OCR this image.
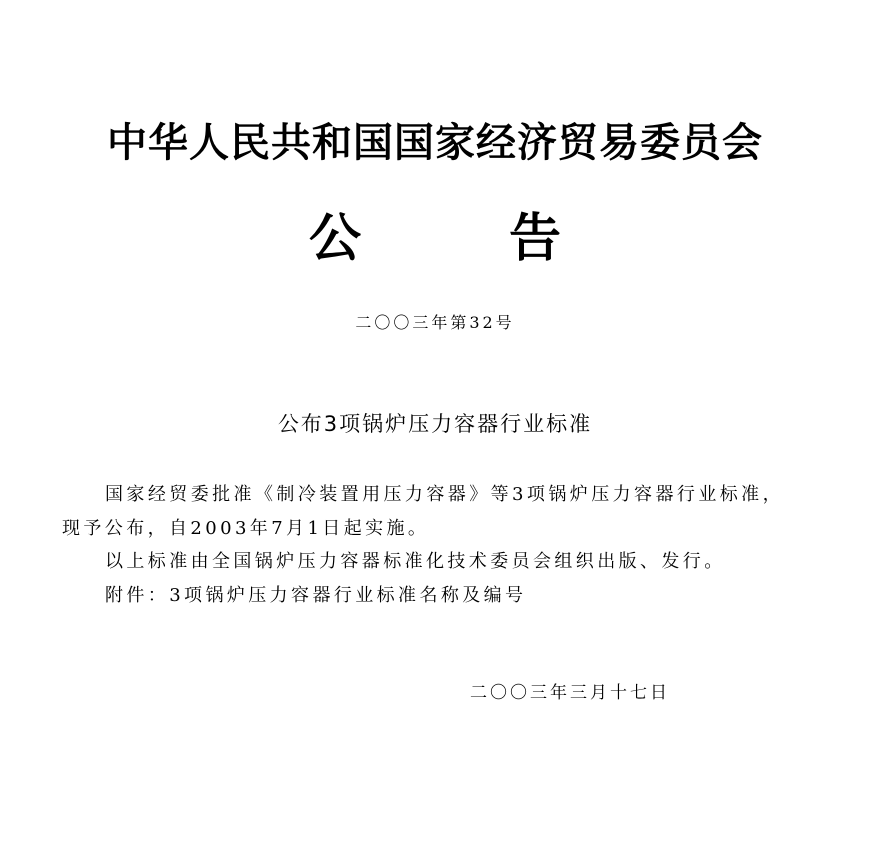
中华人民共和国国家经济贸易委员会
公告
二〇〇三年第32号
公布3项锅炉压力容器行业标准

国家经贸委批准《制冷装置用压力容器》等3项锅炉压力容器行业标准，现予公布，自2003年7月1日起实施。

以上标准由全国锅炉压力容器标准化技术委员会组织出版、发行。

附件：3项锅炉压力容器行业标准名称及编号

二〇〇三年三月十七日
